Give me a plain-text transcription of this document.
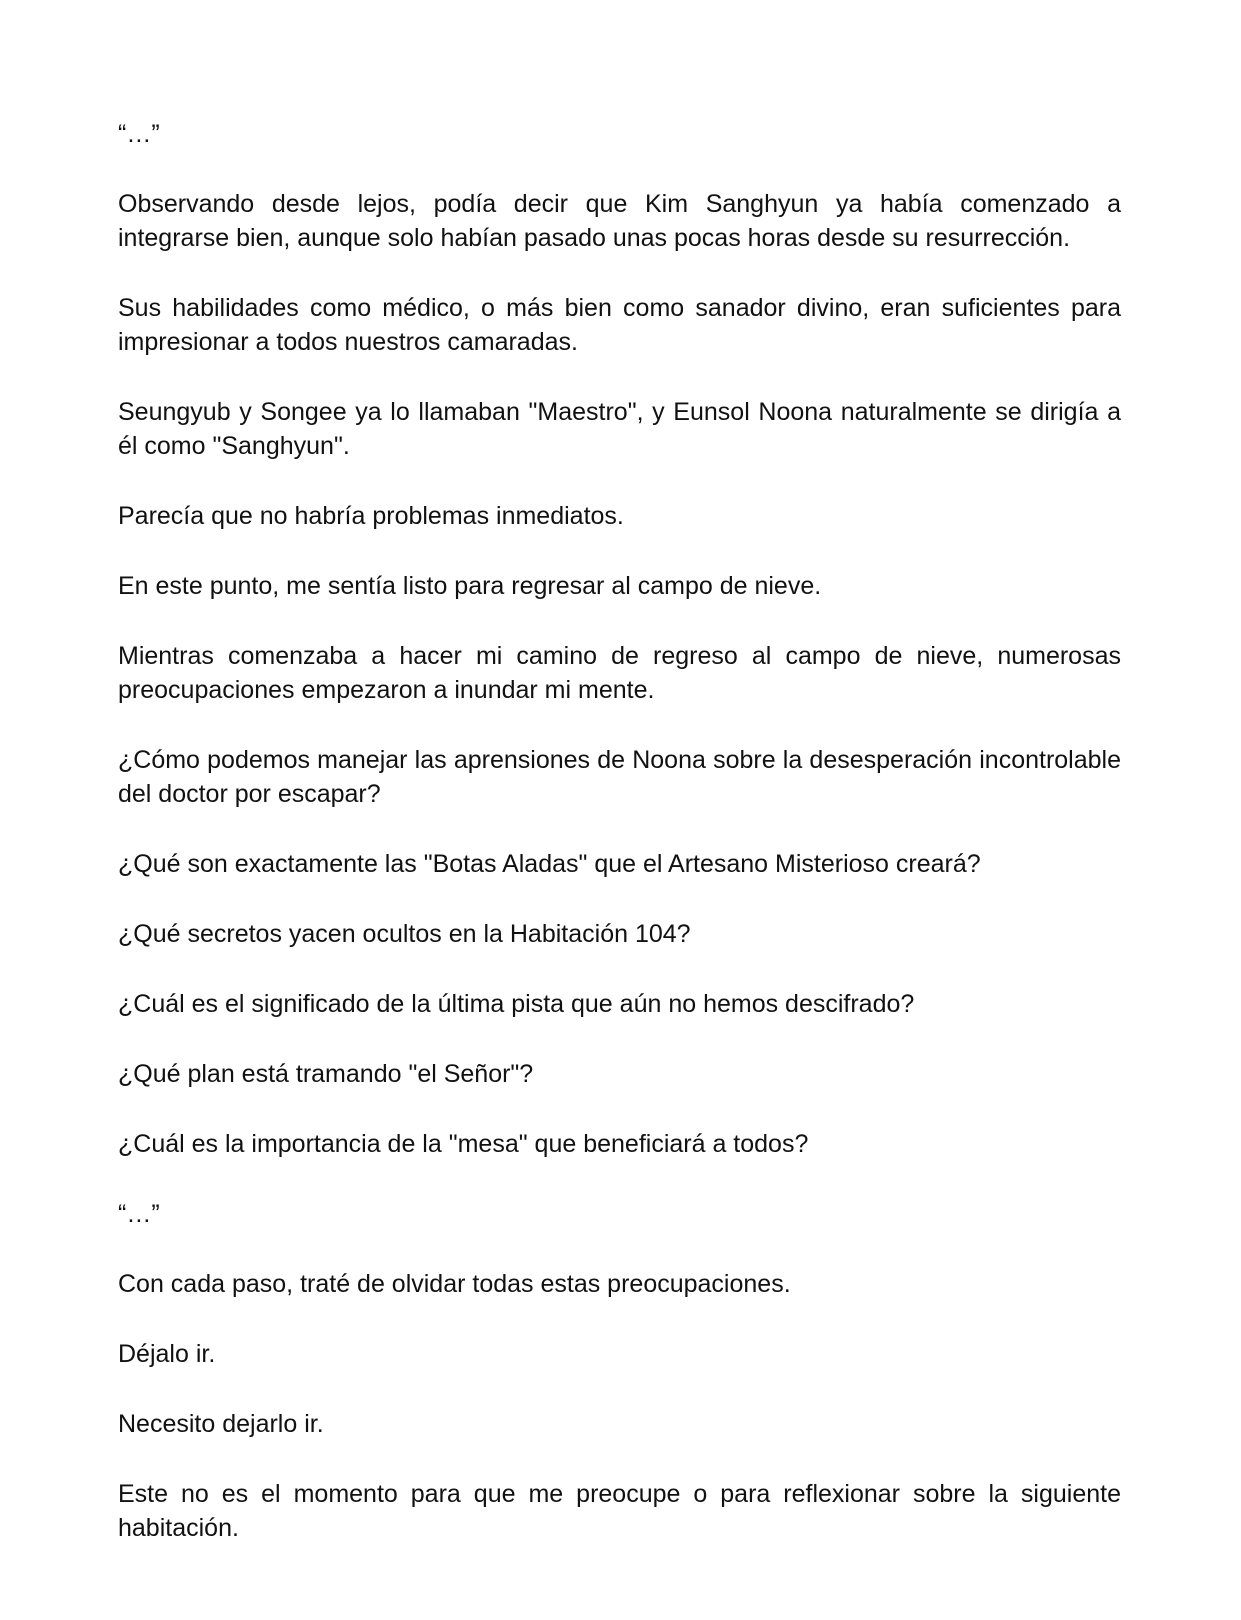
“…”

Observando desde lejos, podía decir que Kim Sanghyun ya había comenzado a integrarse bien, aunque solo habían pasado unas pocas horas desde su resurrección.

Sus habilidades como médico, o más bien como sanador divino, eran suficientes para impresionar a todos nuestros camaradas.

Seungyub y Songee ya lo llamaban "Maestro", y Eunsol Noona naturalmente se dirigía a él como "Sanghyun".

Parecía que no habría problemas inmediatos.

En este punto, me sentía listo para regresar al campo de nieve.

Mientras comenzaba a hacer mi camino de regreso al campo de nieve, numerosas preocupaciones empezaron a inundar mi mente.

¿Cómo podemos manejar las aprensiones de Noona sobre la desesperación incontrolable del doctor por escapar?

¿Qué son exactamente las "Botas Aladas" que el Artesano Misterioso creará?

¿Qué secretos yacen ocultos en la Habitación 104?

¿Cuál es el significado de la última pista que aún no hemos descifrado?

¿Qué plan está tramando "el Señor"?

¿Cuál es la importancia de la "mesa" que beneficiará a todos?

“…”

Con cada paso, traté de olvidar todas estas preocupaciones.

Déjalo ir.

Necesito dejarlo ir.

Este no es el momento para que me preocupe o para reflexionar sobre la siguiente habitación.
